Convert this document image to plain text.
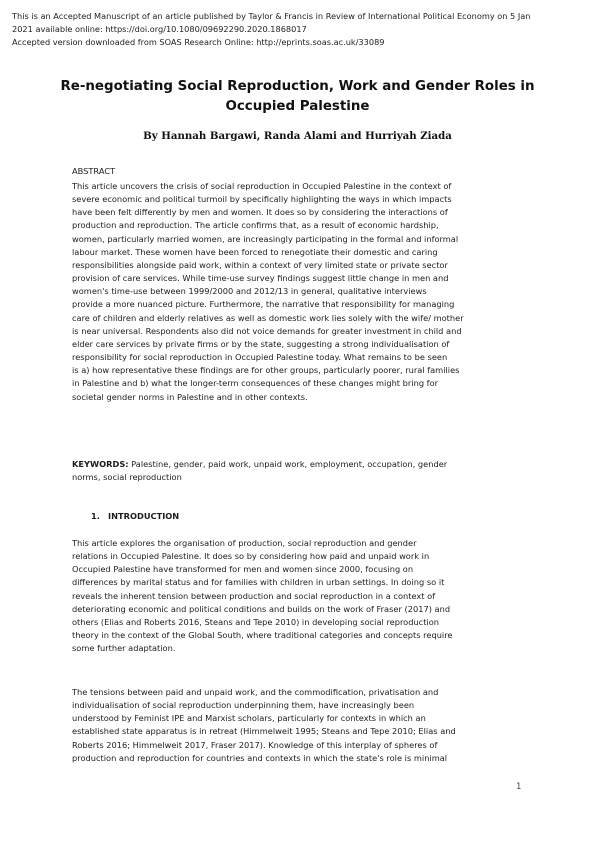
This is an Accepted Manuscript of an article published by Taylor & Francis in Review of International Political Economy on 5 Jan
2021 available online: https://doi.org/10.1080/09692290.2020.1868017
Accepted version downloaded from SOAS Research Online: http://eprints.soas.ac.uk/33089
Re-negotiating Social Reproduction, Work and Gender Roles in
Occupied Palestine
By Hannah Bargawi, Randa Alami and Hurriyah Ziada
ABSTRACT
This article uncovers the crisis of social reproduction in Occupied Palestine in the context of
severe economic and political turmoil by specifically highlighting the ways in which impacts
have been felt differently by men and women. It does so by considering the interactions of
production and reproduction. The article confirms that, as a result of economic hardship,
women, particularly married women, are increasingly participating in the formal and informal
labour market. These women have been forced to renegotiate their domestic and caring
responsibilities alongside paid work, within a context of very limited state or private sector
provision of care services. While time-use survey findings suggest little change in men and
women's time-use between 1999/2000 and 2012/13 in general, qualitative interviews
provide a more nuanced picture. Furthermore, the narrative that responsibility for managing
care of children and elderly relatives as well as domestic work lies solely with the wife/ mother
is near universal. Respondents also did not voice demands for greater investment in child and
elder care services by private firms or by the state, suggesting a strong individualisation of
responsibility for social reproduction in Occupied Palestine today. What remains to be seen
is a) how representative these findings are for other groups, particularly poorer, rural families
in Palestine and b) what the longer-term consequences of these changes might bring for
societal gender norms in Palestine and in other contexts.
KEYWORDS: Palestine, gender, paid work, unpaid work, employment, occupation, gender
norms, social reproduction
1. INTRODUCTION
This article explores the organisation of production, social reproduction and gender
relations in Occupied Palestine. It does so by considering how paid and unpaid work in
Occupied Palestine have transformed for men and women since 2000, focusing on
differences by marital status and for families with children in urban settings. In doing so it
reveals the inherent tension between production and social reproduction in a context of
deteriorating economic and political conditions and builds on the work of Fraser (2017) and
others (Elias and Roberts 2016, Steans and Tepe 2010) in developing social reproduction
theory in the context of the Global South, where traditional categories and concepts require
some further adaptation.
The tensions between paid and unpaid work, and the commodification, privatisation and
individualisation of social reproduction underpinning them, have increasingly been
understood by Feminist IPE and Marxist scholars, particularly for contexts in which an
established state apparatus is in retreat (Himmelweit 1995; Steans and Tepe 2010; Elias and
Roberts 2016; Himmelweit 2017, Fraser 2017). Knowledge of this interplay of spheres of
production and reproduction for countries and contexts in which the state's role is minimal
1
